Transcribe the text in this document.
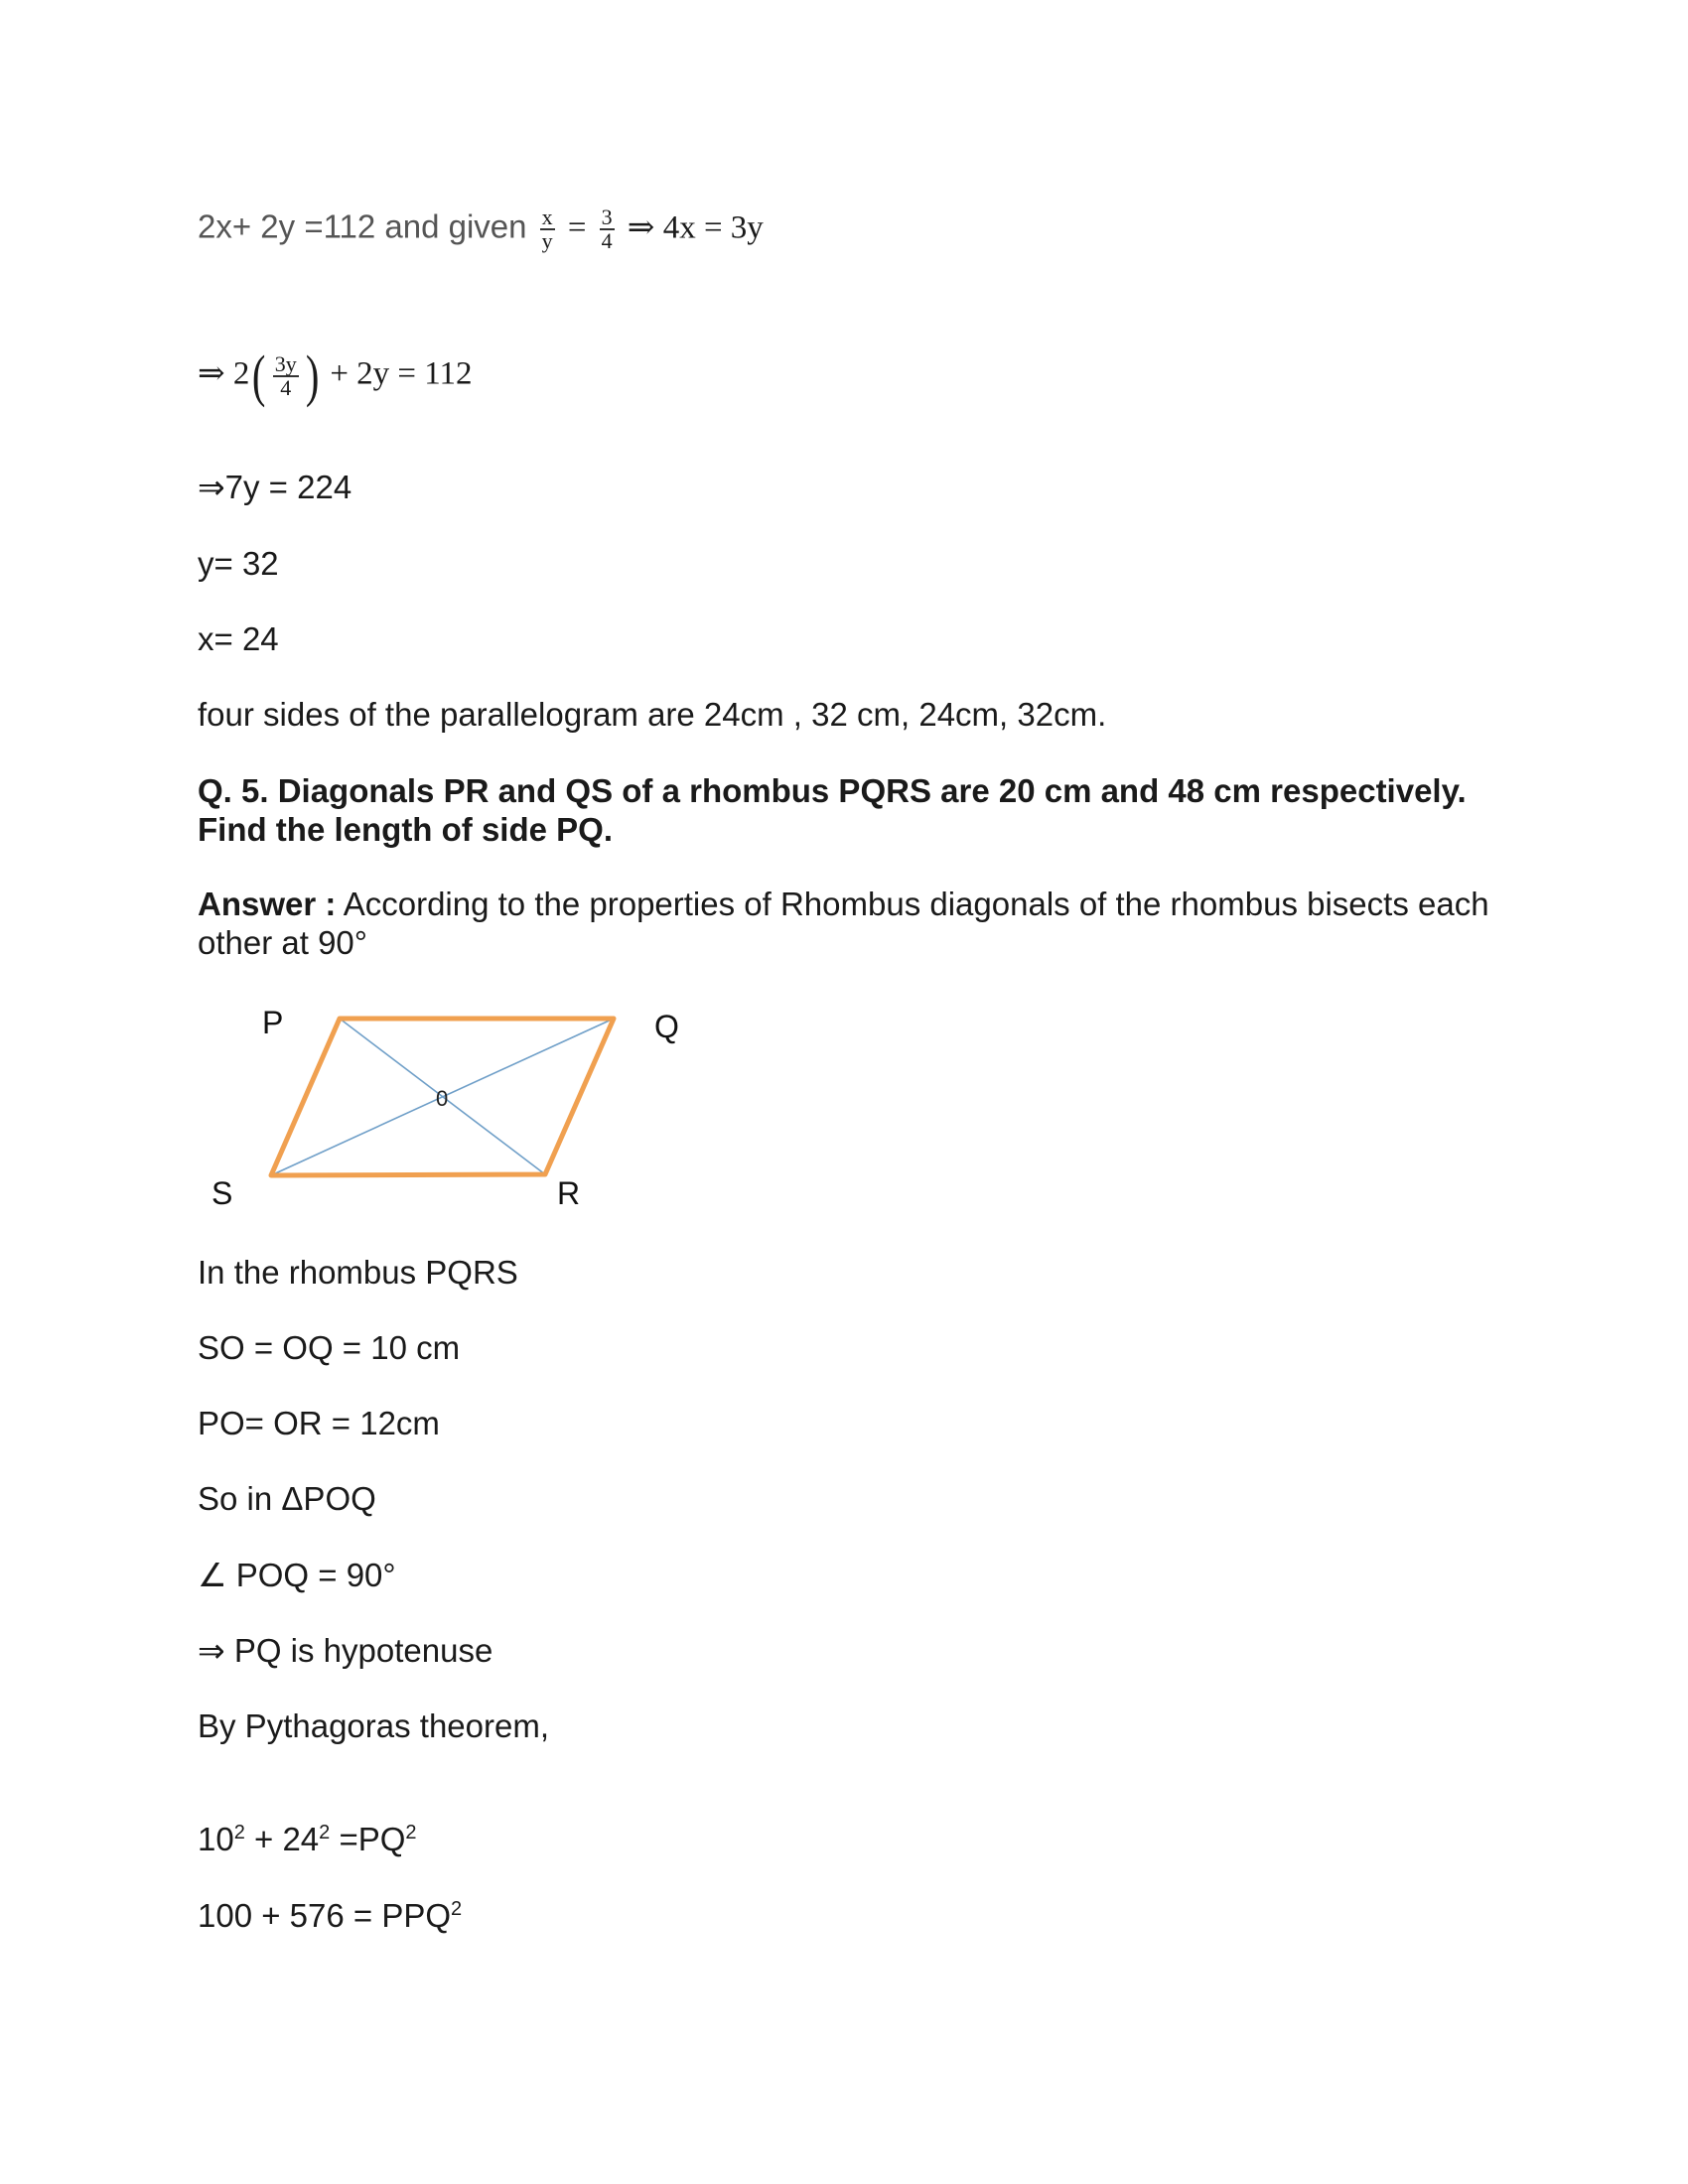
2x+ 2y =112 and given $\frac{x}{y} = \frac{3}{4}$ ⇒ 4x = 3y
⇒ $2( \frac{3y}{4}$ ) + 2y = 112
⇒7y = 224
y= 32
x= 24
four sides of the parallelogram are 24cm , 32 cm, 24cm, 32cm.
Q. 5. Diagonals PR and QS of a rhombus PQRS are 20 cm and 48 cm respectively. Find the length of side PQ.
Answer : According to the properties of Rhombus diagonals of the rhombus bisects each other at 90°
P	Q
S	R
0
In the rhombus PQRS
SO = OQ = 10 cm
PO= OR = 12cm
So in ΔPOQ
∠ POQ = 90°
⇒ PQ is hypotenuse
By Pythagoras theorem,
$10^2 + 24^2 =PQ^2$
$100 + 576 = PPQ^2$
